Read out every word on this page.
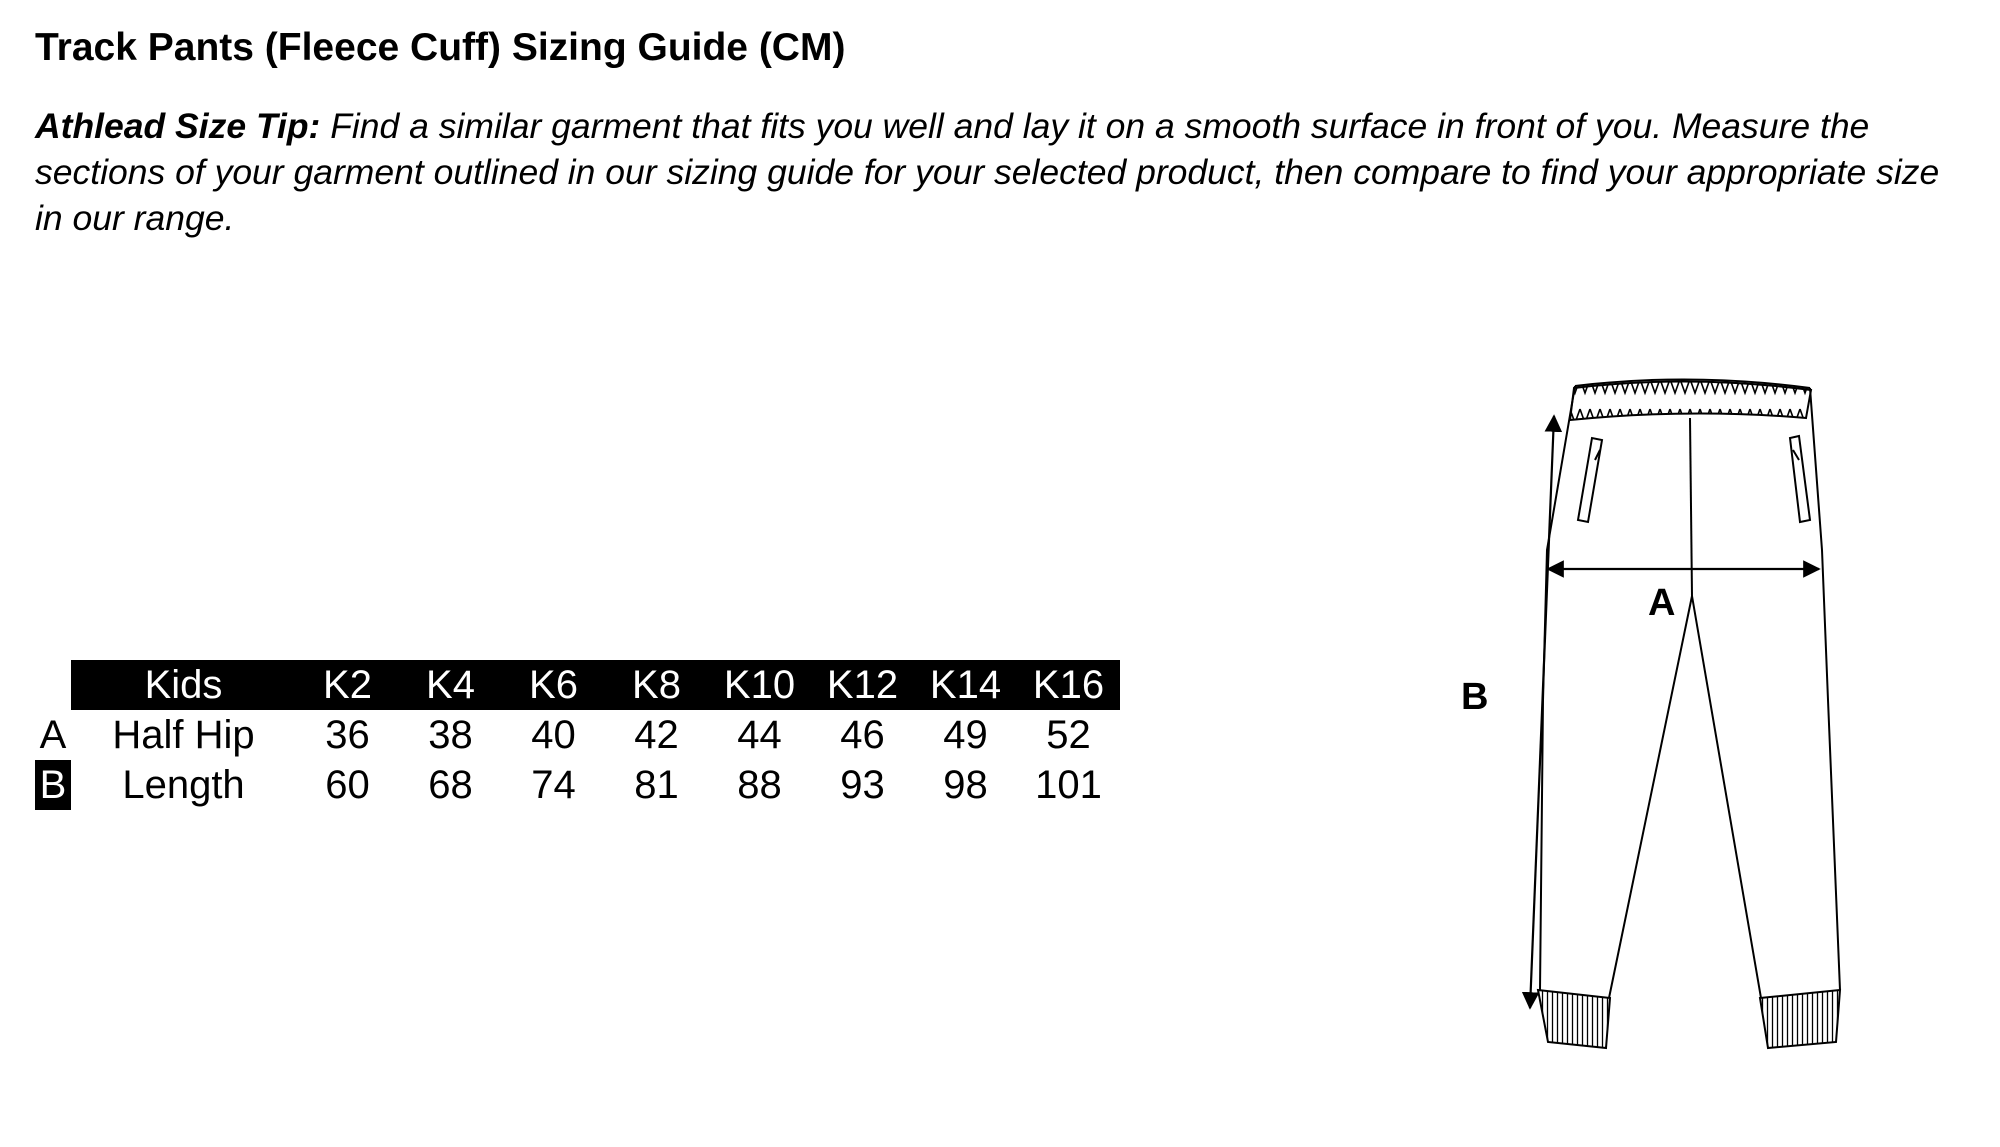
Track Pants (Fleece Cuff) Sizing Guide (CM)
Athlead Size Tip: Find a similar garment that fits you well and lay it on a smooth surface in front of you. Measure the sections of your garment outlined in our sizing guide for your selected product, then compare to find your appropriate size in our range.
	Kids	K2	K4	K6	K8	K10	K12	K14	K16
A	Half Hip	36	38	40	42	44	46	49	52
B	Length	60	68	74	81	88	93	98	101
A
B
